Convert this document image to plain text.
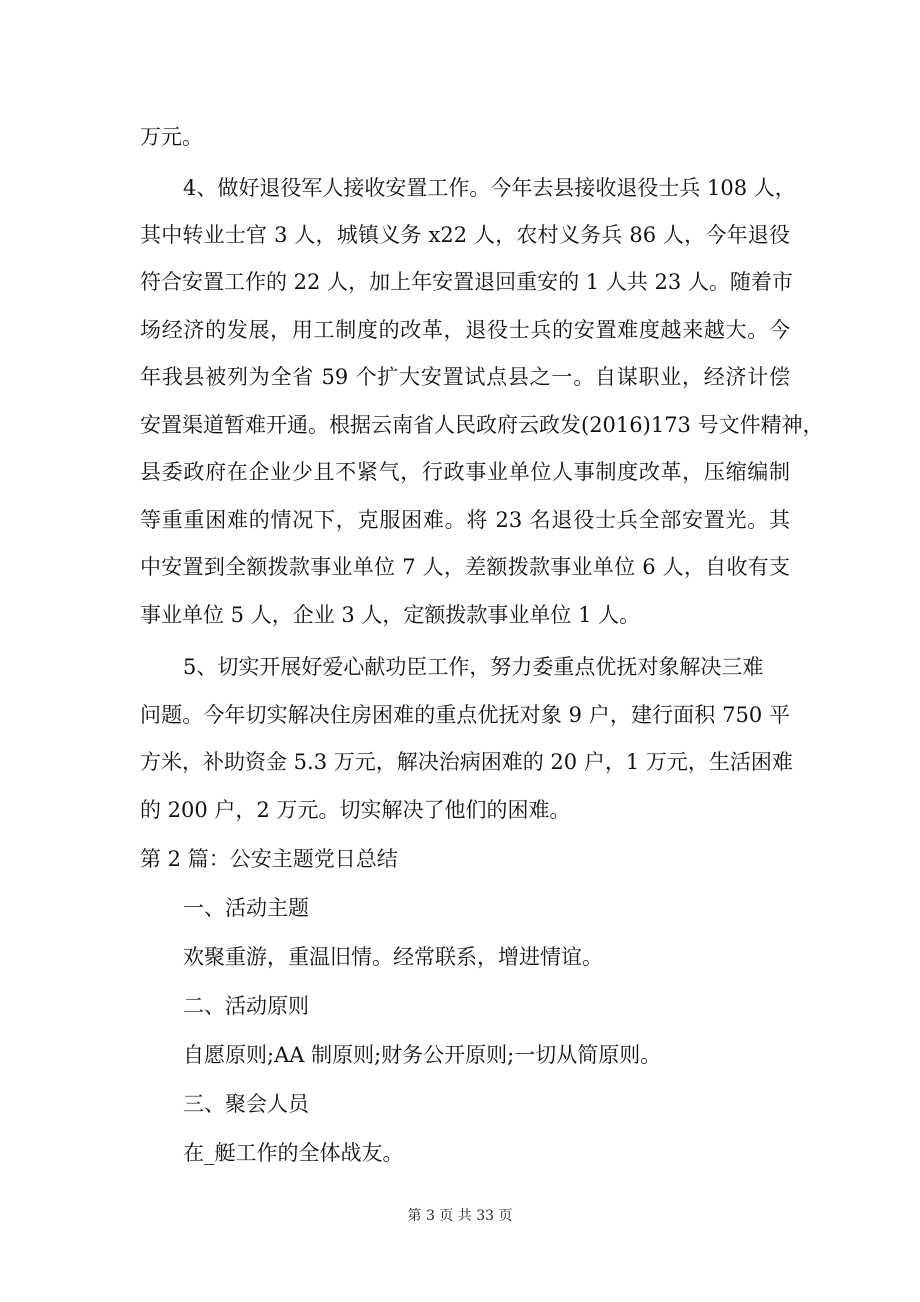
万元。
4、做好退役军人接收安置工作。今年去县接收退役士兵 108 人，
其中转业士官 3 人，城镇义务 x22 人，农村义务兵 86 人，今年退役
符合安置工作的 22 人，加上年安置退回重安的 1 人共 23 人。随着市
场经济的发展，用工制度的改革，退役士兵的安置难度越来越大。今
年我县被列为全省 59 个扩大安置试点县之一。自谋职业，经济计偿
安置渠道暂难开通。根据云南省人民政府云政发(2016)173 号文件精神，
县委政府在企业少且不紧气，行政事业单位人事制度改革，压缩编制
等重重困难的情况下，克服困难。将 23 名退役士兵全部安置光。其
中安置到全额拨款事业单位 7 人，差额拨款事业单位 6 人，自收有支
事业单位 5 人，企业 3 人，定额拨款事业单位 1 人。
5、切实开展好爱心献功臣工作，努力委重点优抚对象解决三难
问题。今年切实解决住房困难的重点优抚对象 9 户，建行面积 750 平
方米，补助资金 5.3 万元，解决治病困难的 20 户，1 万元，生活困难
的 200 户，2 万元。切实解决了他们的困难。
第 2 篇：公安主题党日总结
一、活动主题
欢聚重游，重温旧情。经常联系，增进情谊。
二、活动原则
自愿原则;AA 制原则;财务公开原则;一切从简原则。
三、聚会人员
在_艇工作的全体战友。
第 3 页 共 33 页
